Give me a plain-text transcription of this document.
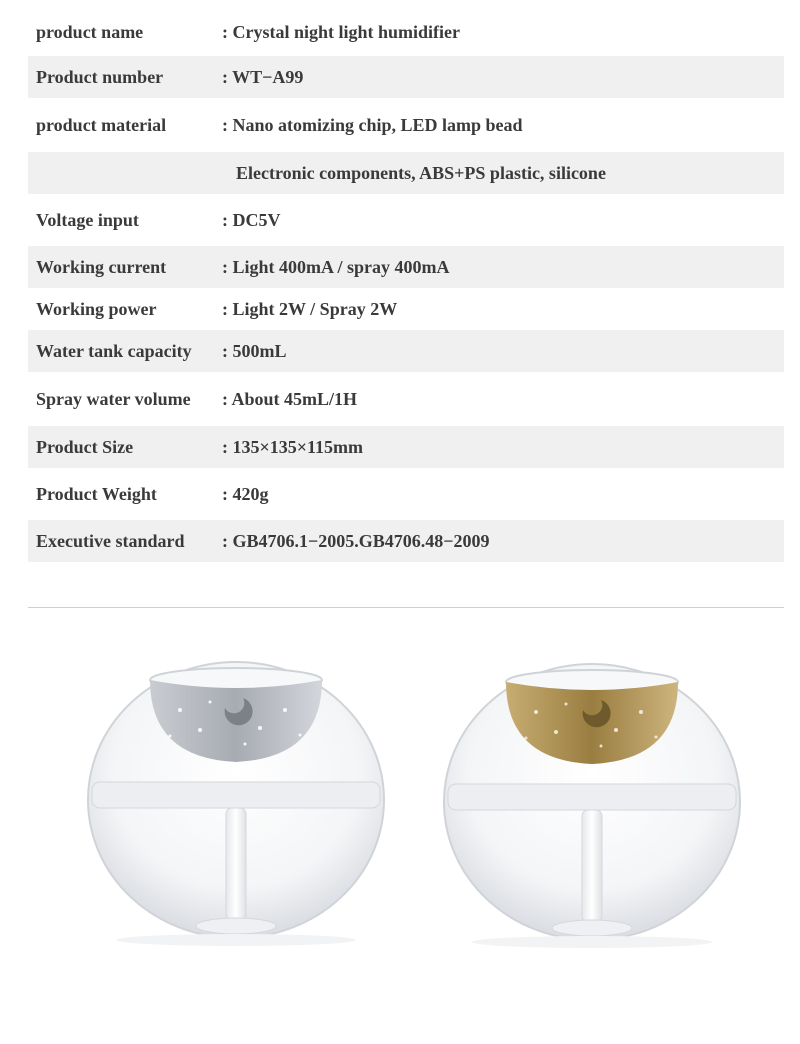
product name	: Crystal night light humidifier
Product number	: WT−A99
product material	: Nano atomizing chip, LED lamp bead
Electronic components, ABS+PS plastic, silicone
Voltage input	: DC5V
Working current	: Light 400mA / spray 400mA
Working power	: Light 2W / Spray 2W
Water tank capacity	: 500mL
Spray water volume	: About 45mL/1H
Product Size	: 135×135×115mm
Product Weight	: 420g
Executive standard	: GB4706.1−2005.GB4706.48−2009
